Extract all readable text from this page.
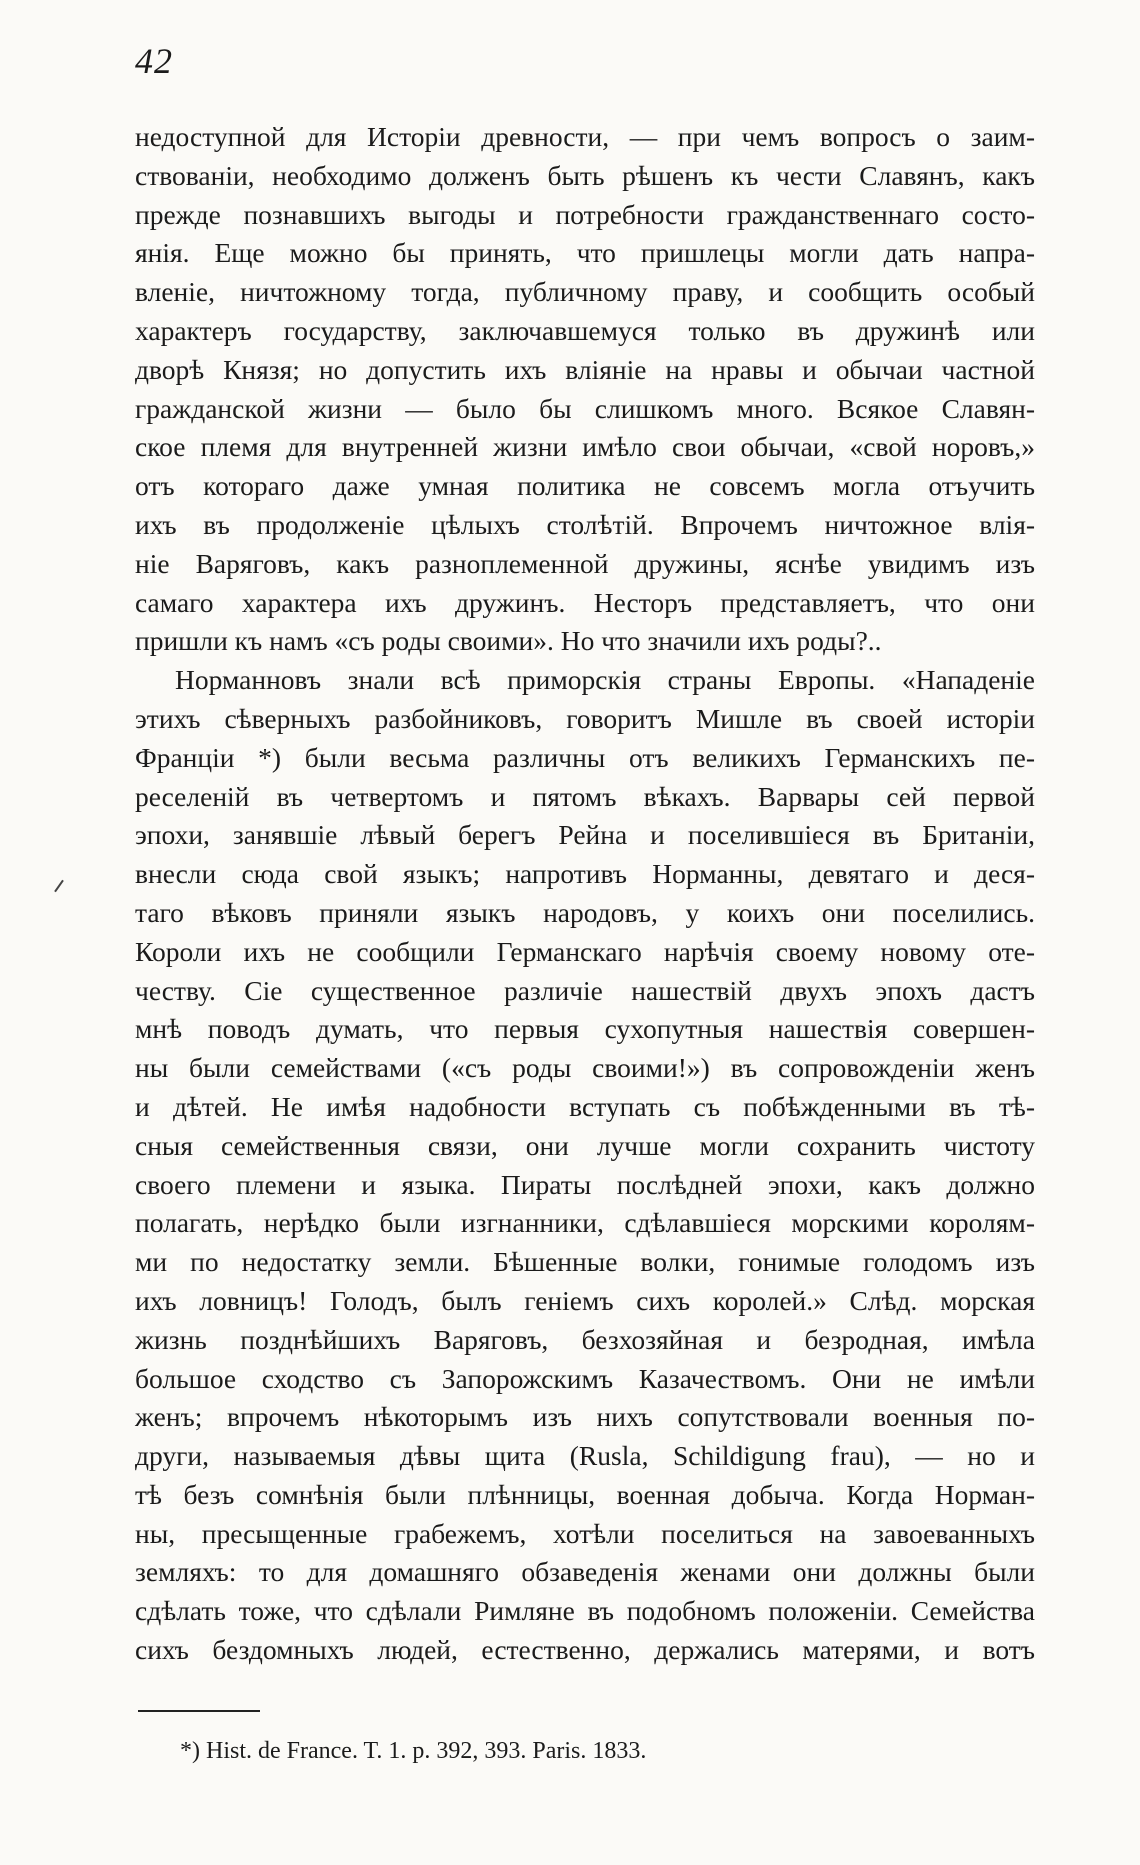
42

недоступной для Исторіи древности, — при чемъ вопросъ о заим-

ствованіи, необходимо долженъ быть рѣшенъ къ чести Славянъ, какъ

прежде познавшихъ выгоды и потребности гражданственнаго состо-

янія. Еще можно бы принять, что пришлецы могли дать напра-

вленіе, ничтожному тогда, публичному праву, и сообщить особый

характеръ государству, заключавшемуся только въ дружинѣ или

дворѣ Князя; но допустить ихъ вліяніе на нравы и обычаи частной

гражданской жизни — было бы слишкомъ много. Всякое Славян-

ское племя для внутренней жизни имѣло свои обычаи, «свой норовъ,»

отъ котораго даже умная политика не совсемъ могла отъучить

ихъ въ продолженіе цѣлыхъ столѣтій. Впрочемъ ничтожное влія-

ніе Варяговъ, какъ разноплеменной дружины, яснѣе увидимъ изъ

самаго характера ихъ дружинъ. Несторъ представляетъ, что они

пришли къ намъ «съ роды своими». Но что значили ихъ роды?..

Норманновъ знали всѣ приморскія страны Европы. «Нападеніе

этихъ сѣверныхъ разбойниковъ, говоритъ Мишле въ своей исторіи

Франціи *) были весьма различны отъ великихъ Германскихъ пе-

реселеній въ четвертомъ и пятомъ вѣкахъ. Варвары сей первой

эпохи, занявшіе лѣвый берегъ Рейна и поселившіеся въ Британіи,

внесли сюда свой языкъ; напротивъ Норманны, девятаго и деся-

таго вѣковъ приняли языкъ народовъ, у коихъ они поселились.

Короли ихъ не сообщили Германскаго нарѣчія своему новому оте-

честву. Сіе существенное различіе нашествій двухъ эпохъ дастъ

мнѣ поводъ думать, что первыя сухопутныя нашествія совершен-

ны были семействами («съ роды своими!») въ сопровожденіи женъ

и дѣтей. Не имѣя надобности вступать съ побѣжденными въ тѣ-

сныя семейственныя связи, они лучше могли сохранить чистоту

своего племени и языка. Пираты послѣдней эпохи, какъ должно

полагать, нерѣдко были изгнанники, сдѣлавшіеся морскими королям-

ми по недостатку земли. Бѣшенные волки, гонимые голодомъ изъ

ихъ ловницъ! Голодъ, былъ геніемъ сихъ королей.» Слѣд. морская

жизнь позднѣйшихъ Варяговъ, безхозяйная и безродная, имѣла

большое сходство съ Запорожскимъ Казачествомъ. Они не имѣли

женъ; впрочемъ нѣкоторымъ изъ нихъ сопутствовали военныя по-

други, называемыя дѣвы щита (Rusla, Schildigung frau), — но и

тѣ безъ сомнѣнія были плѣнницы, военная добыча. Когда Норман-

ны, пресыщенные грабежемъ, хотѣли поселиться на завоеванныхъ

земляхъ: то для домашняго обзаведенія женами они должны были

сдѣлать тоже, что сдѣлали Римляне въ подобномъ положеніи. Семейства

сихъ бездомныхъ людей, естественно, держались матерями, и вотъ

*) Hist. de France. T. 1. p. 392, 393. Paris. 1833.
